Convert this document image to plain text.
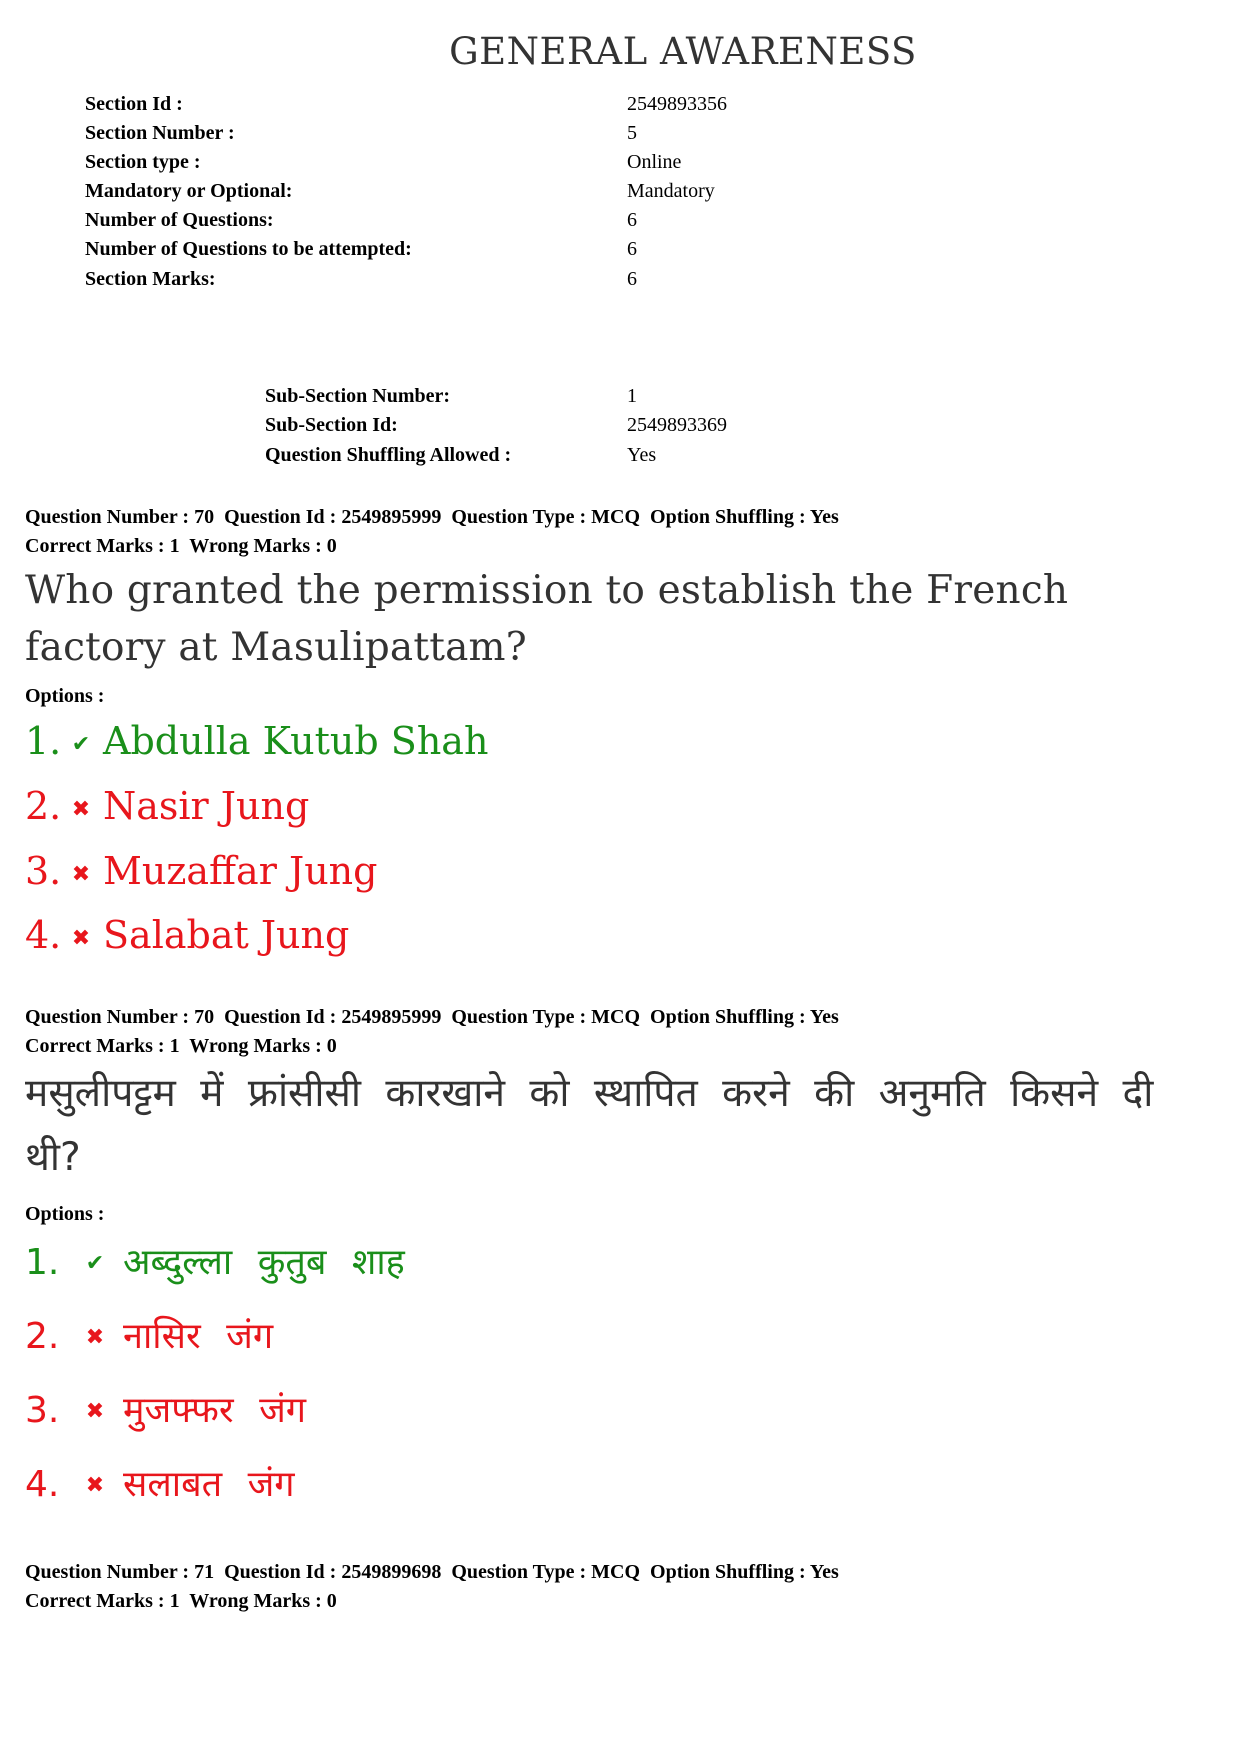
GENERAL AWARENESS
Section Id :	2549893356
Section Number :	5
Section type :	Online
Mandatory or Optional:	Mandatory
Number of Questions:	6
Number of Questions to be attempted:	6
Section Marks:	6
Sub-Section Number:	1
Sub-Section Id:	2549893369
Question Shuffling Allowed :	Yes
Question Number : 70  Question Id : 2549895999  Question Type : MCQ  Option Shuffling : Yes
Correct Marks : 1  Wrong Marks : 0
Who granted the permission to establish the French factory at Masulipattam?
Options :
1. ✔ Abdulla Kutub Shah
2. ✖ Nasir Jung
3. ✖ Muzaffar Jung
4. ✖ Salabat Jung
Question Number : 70  Question Id : 2549895999  Question Type : MCQ  Option Shuffling : Yes
Correct Marks : 1  Wrong Marks : 0
मसुलीपट्टम में फ्रांसीसी कारखाने को स्थापित करने की अनुमति किसने दी थी?
Options :
1. ✔ अब्दुल्ला कुतुब शाह
2. ✖ नासिर जंग
3. ✖ मुजफ्फर जंग
4. ✖ सलाबत जंग
Question Number : 71  Question Id : 2549899698  Question Type : MCQ  Option Shuffling : Yes
Correct Marks : 1  Wrong Marks : 0
